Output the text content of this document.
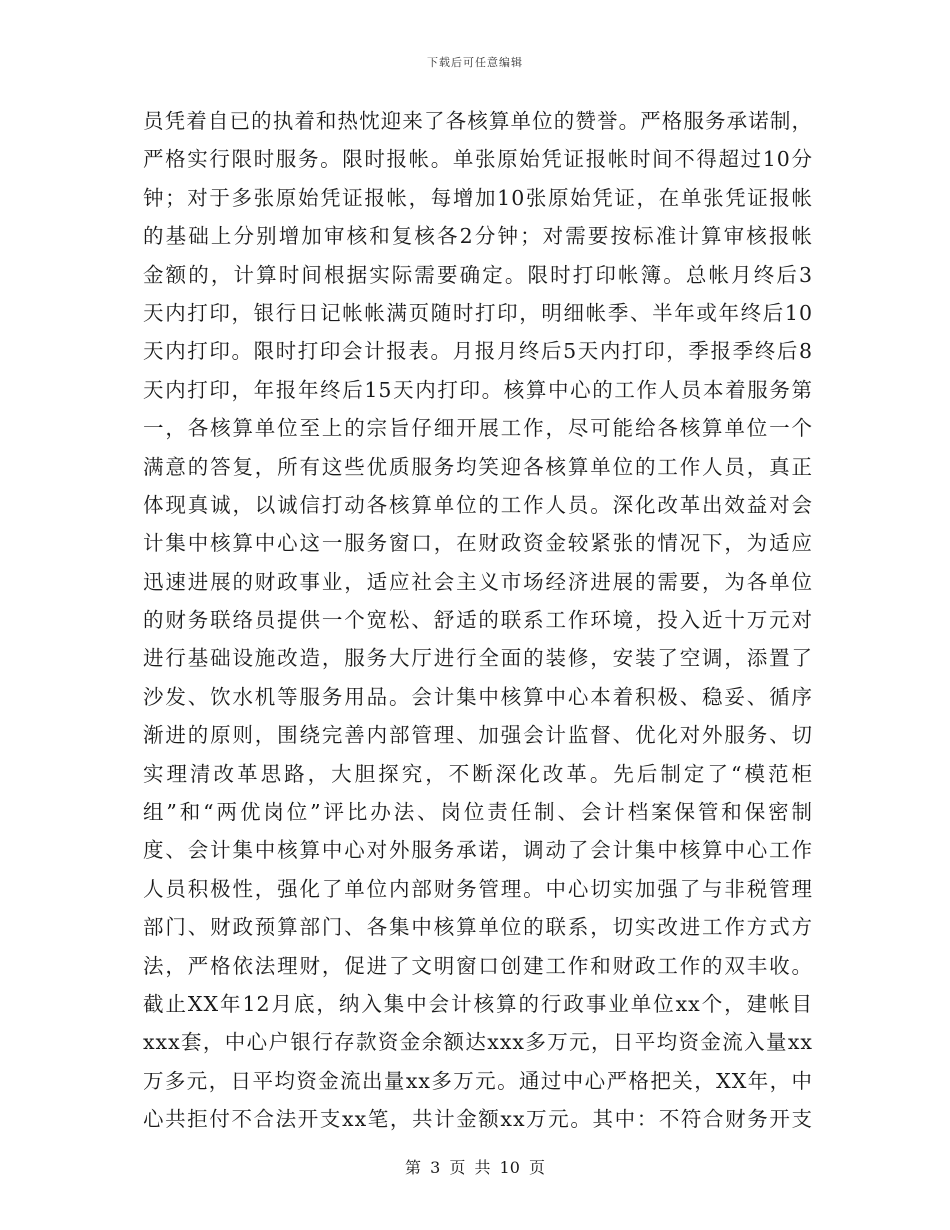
下载后可任意编辑
员凭着自已的执着和热忱迎来了各核算单位的赞誉。严格服务承诺制，
严格实行限时服务。限时报帐。单张原始凭证报帐时间不得超过10分
钟；对于多张原始凭证报帐，每增加10张原始凭证，在单张凭证报帐
的基础上分别增加审核和复核各2分钟；对需要按标准计算审核报帐
金额的，计算时间根据实际需要确定。限时打印帐簿。总帐月终后3
天内打印，银行日记帐帐满页随时打印，明细帐季、半年或年终后10
天内打印。限时打印会计报表。月报月终后5天内打印，季报季终后8
天内打印，年报年终后15天内打印。核算中心的工作人员本着服务第
一，各核算单位至上的宗旨仔细开展工作，尽可能给各核算单位一个
满意的答复，所有这些优质服务均笑迎各核算单位的工作人员，真正
体现真诚，以诚信打动各核算单位的工作人员。深化改革出效益对会
计集中核算中心这一服务窗口，在财政资金较紧张的情况下，为适应
迅速进展的财政事业，适应社会主义市场经济进展的需要，为各单位
的财务联络员提供一个宽松、舒适的联系工作环境，投入近十万元对
进行基础设施改造，服务大厅进行全面的装修，安装了空调，添置了
沙发、饮水机等服务用品。会计集中核算中心本着积极、稳妥、循序
渐进的原则，围绕完善内部管理、加强会计监督、优化对外服务、切
实理清改革思路，大胆探究，不断深化改革。先后制定了“模范柜
组”和“两优岗位”评比办法、岗位责任制、会计档案保管和保密制
度、会计集中核算中心对外服务承诺，调动了会计集中核算中心工作
人员积极性，强化了单位内部财务管理。中心切实加强了与非税管理
部门、财政预算部门、各集中核算单位的联系，切实改进工作方式方
法，严格依法理财，促进了文明窗口创建工作和财政工作的双丰收。
截止XX年12月底，纳入集中会计核算的行政事业单位xx个，建帐目
xxx套，中心户银行存款资金余额达xxx多万元，日平均资金流入量xx
万多元，日平均资金流出量xx多万元。通过中心严格把关，XX年，中
心共拒付不合法开支xx笔，共计金额xx万元。其中：不符合财务开支
第 3 页 共 10 页
